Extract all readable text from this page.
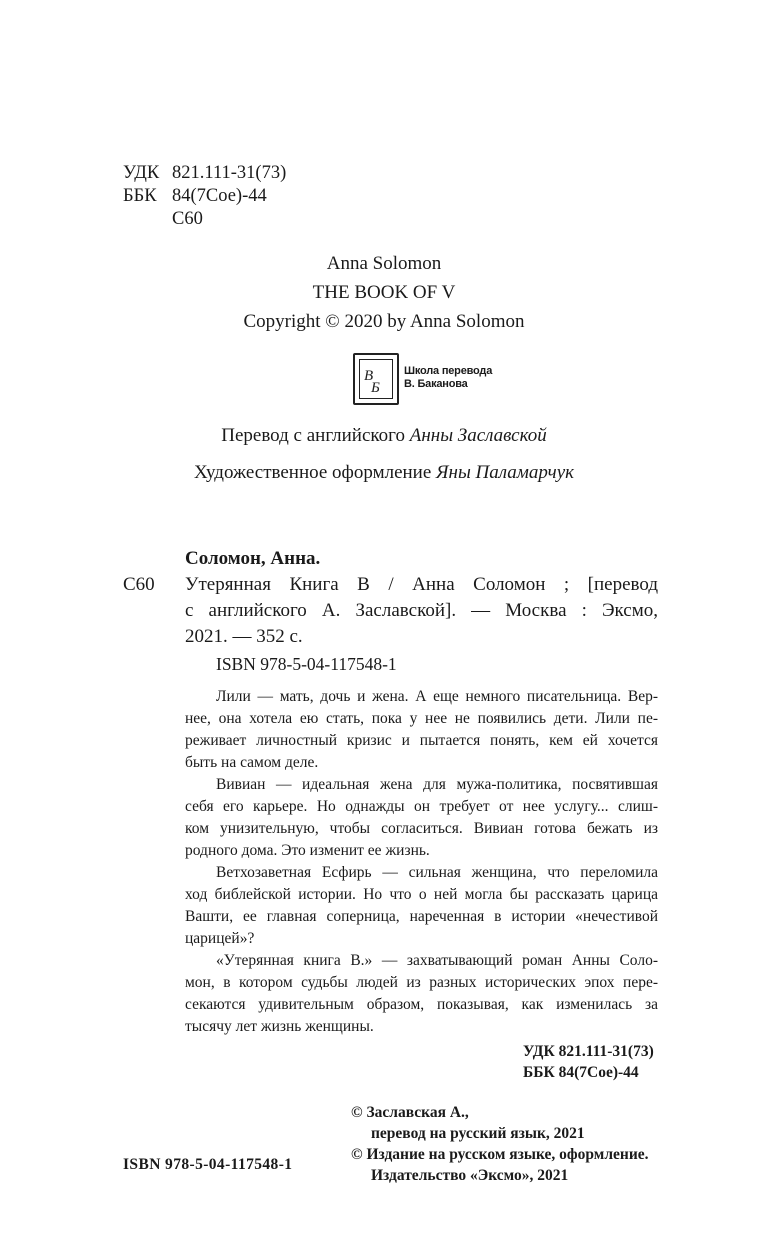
УДК 821.111-31(73)
ББК 84(7Сое)-44
С60
Anna Solomon
THE BOOK OF V
Copyright © 2020 by Anna Solomon
В
Б
Школа перевода
В. Баканова
Перевод с английского Анны Заславской
Художественное оформление Яны Паламарчук
Соломон, Анна.
С60 Утерянная Книга В / Анна Соломон ; [перевод
с английского А. Заславской]. — Москва : Эксмо,
2021. — 352 с.
ISBN 978-5-04-117548-1
Лили — мать, дочь и жена. А еще немного писательница. Вер-
нее, она хотела ею стать, пока у нее не появились дети. Лили пе-
реживает личностный кризис и пытается понять, кем ей хочется
быть на самом деле.
Вивиан — идеальная жена для мужа-политика, посвятившая
себя его карьере. Но однажды он требует от нее услугу... слиш-
ком унизительную, чтобы согласиться. Вивиан готова бежать из
родного дома. Это изменит ее жизнь.
Ветхозаветная Есфирь — сильная женщина, что переломила
ход библейской истории. Но что о ней могла бы рассказать царица
Вашти, ее главная соперница, нареченная в истории «нечестивой
царицей»?
«Утерянная книга В.» — захватывающий роман Анны Соло-
мон, в котором судьбы людей из разных исторических эпох пере-
секаются удивительным образом, показывая, как изменилась за
тысячу лет жизнь женщины.
УДК 821.111-31(73)
ББК 84(7Сое)-44
© Заславская А.,
перевод на русский язык, 2021
© Издание на русском языке, оформление.
Издательство «Эксмо», 2021
ISBN 978-5-04-117548-1
